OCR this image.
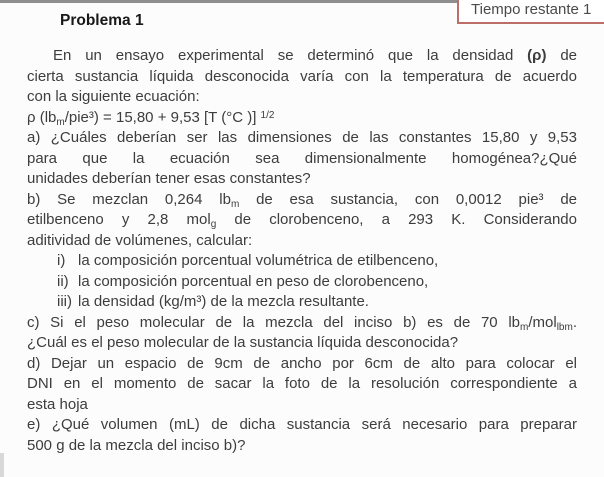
Tiempo restante 1
Problema 1

En un ensayo experimental se determinó que la densidad (ρ) de

cierta sustancia líquida desconocida varía con la temperatura de acuerdo

con la siguiente ecuación:

ρ $(lb_m/pie^3) = 15,80 + 9,53$ [T (°C )] $^{1/2}$

a) ¿Cuáles deberían ser las dimensiones de las constantes 15,80 y 9,53

para que la ecuación sea dimensionalmente homogénea?¿Qué

unidades deberían tener esas constantes?

b) Se mezclan 0,264 $lb_m$ de esa sustancia, con 0,0012 pie³ de

etilbenceno y 2,8 mol$_g$ de clorobenceno, a 293 K. Considerando

aditividad de volúmenes, calcular:

i) la composición porcentual volumétrica de etilbenceno,
ii) la composición porcentual en peso de clorobenceno,
iii) la densidad (kg/m³) de la mezcla resultante.

c) Si el peso molecular de la mezcla del inciso b) es de 70 $lb_m/mol_{lbm}$.

¿Cuál es el peso molecular de la sustancia líquida desconocida?

d) Dejar un espacio de 9cm de ancho por 6cm de alto para colocar el

DNI en el momento de sacar la foto de la resolución correspondiente a

esta hoja

e) ¿Qué volumen (mL) de dicha sustancia será necesario para preparar

500 g de la mezcla del inciso b)?
